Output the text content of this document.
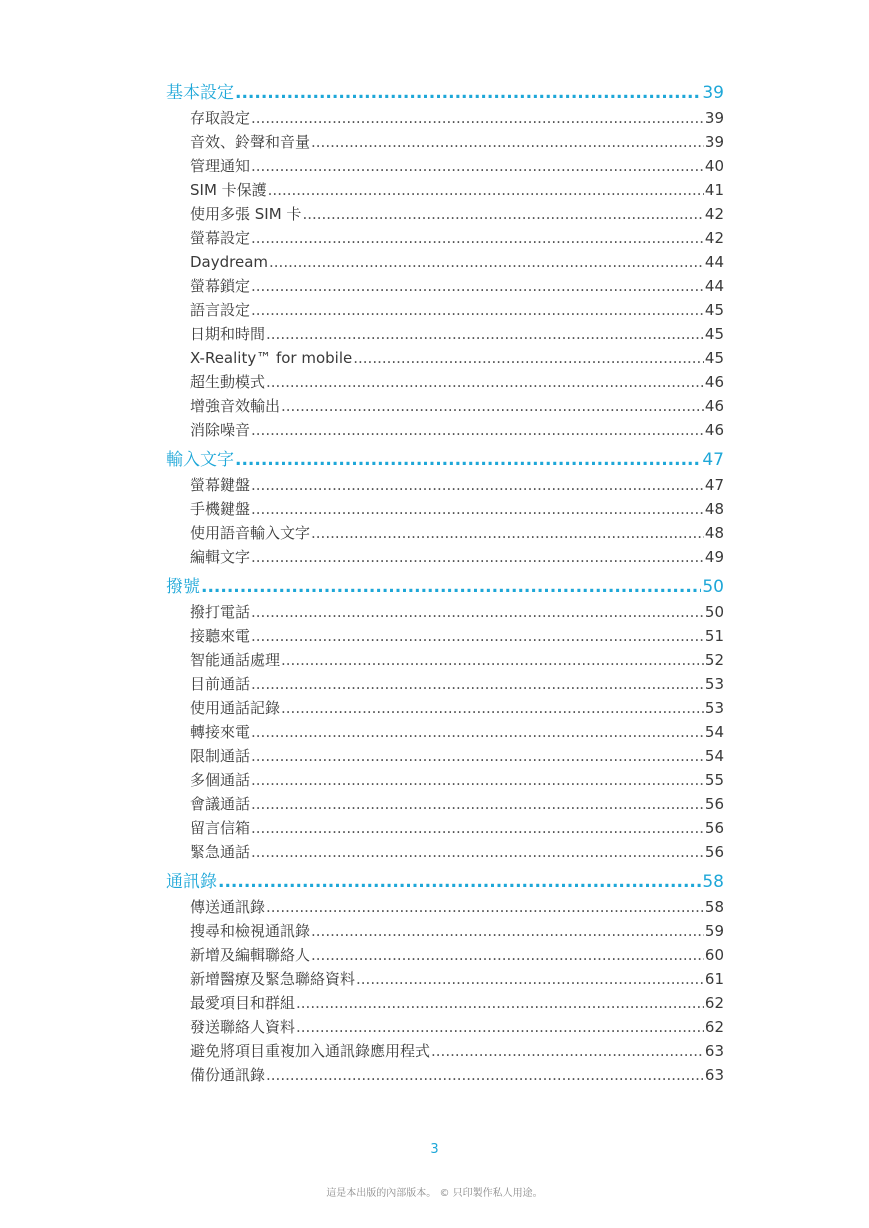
基本設定 .....	39
存取設定 .....	39
音效、鈴聲和音量 .....	39
管理通知 .....	40
SIM 卡保護 .....	41
使用多張 SIM 卡 .....	42
螢幕設定 .....	42
Daydream .....	44
螢幕鎖定 .....	44
語言設定 .....	45
日期和時間 .....	45
X-Reality™ for mobile .....	45
超生動模式 .....	46
增強音效輸出 .....	46
消除噪音 .....	46
輸入文字 .....	47
螢幕鍵盤 .....	47
手機鍵盤 .....	48
使用語音輸入文字 .....	48
編輯文字 .....	49
撥號 .....	50
撥打電話 .....	50
接聽來電 .....	51
智能通話處理 .....	52
目前通話 .....	53
使用通話記錄 .....	53
轉接來電 .....	54
限制通話 .....	54
多個通話 .....	55
會議通話 .....	56
留言信箱 .....	56
緊急通話 .....	56
通訊錄 .....	58
傳送通訊錄 .....	58
搜尋和檢視通訊錄 .....	59
新增及編輯聯絡人 .....	60
新增醫療及緊急聯絡資料 .....	61
最愛項目和群組 .....	62
發送聯絡人資料 .....	62
避免將項目重複加入通訊錄應用程式 .....	63
備份通訊錄 .....	63
3
這是本出版的內部版本。 © 只印製作私人用途。
